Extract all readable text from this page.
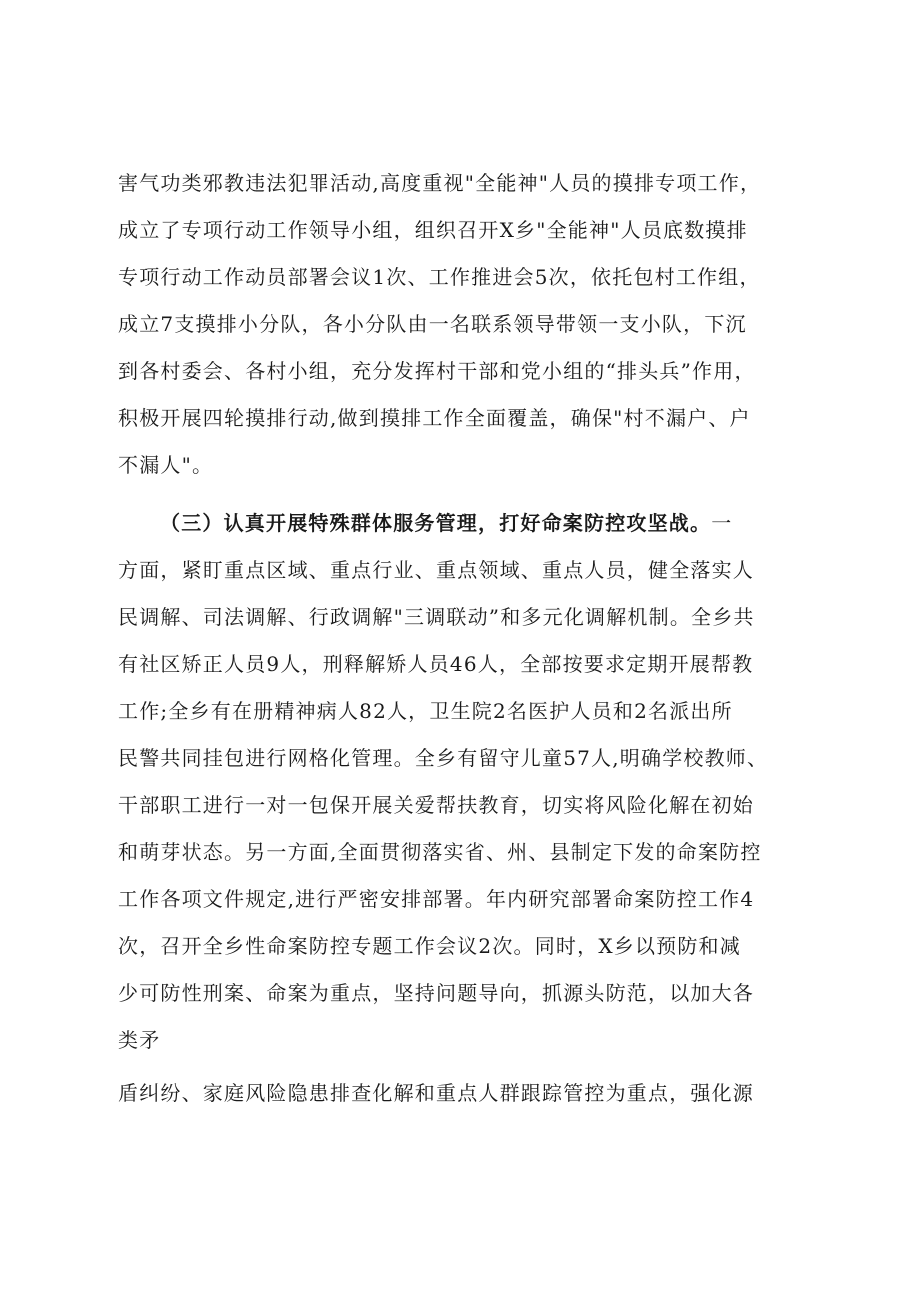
害气功类邪教违法犯罪活动,高度重视"全能神"人员的摸排专项工作，
成立了专项行动工作领导小组，组织召开X乡"全能神"人员底数摸排
专项行动工作动员部署会议1次、工作推进会5次，依托包村工作组，
成立7支摸排小分队，各小分队由一名联系领导带领一支小队，下沉
到各村委会、各村小组，充分发挥村干部和党小组的“排头兵”作用，
积极开展四轮摸排行动,做到摸排工作全面覆盖，确保"村不漏户、户
不漏人"。
（三）认真开展特殊群体服务管理，打好命案防控攻坚战。一
方面，紧盯重点区域、重点行业、重点领域、重点人员，健全落实人
民调解、司法调解、行政调解"三调联动”和多元化调解机制。全乡共
有社区矫正人员9人，刑释解矫人员46人，全部按要求定期开展帮教
工作;全乡有在册精神病人82人，卫生院2名医护人员和2名派出所
民警共同挂包进行网格化管理。全乡有留守儿童57人,明确学校教师、
干部职工进行一对一包保开展关爱帮扶教育，切实将风险化解在初始
和萌芽状态。另一方面,全面贯彻落实省、州、县制定下发的命案防控
工作各项文件规定,进行严密安排部署。年内研究部署命案防控工作4
次，召开全乡性命案防控专题工作会议2次。同时，X乡以预防和减
少可防性刑案、命案为重点，坚持问题导向，抓源头防范，以加大各
类矛
盾纠纷、家庭风险隐患排查化解和重点人群跟踪管控为重点，强化源
